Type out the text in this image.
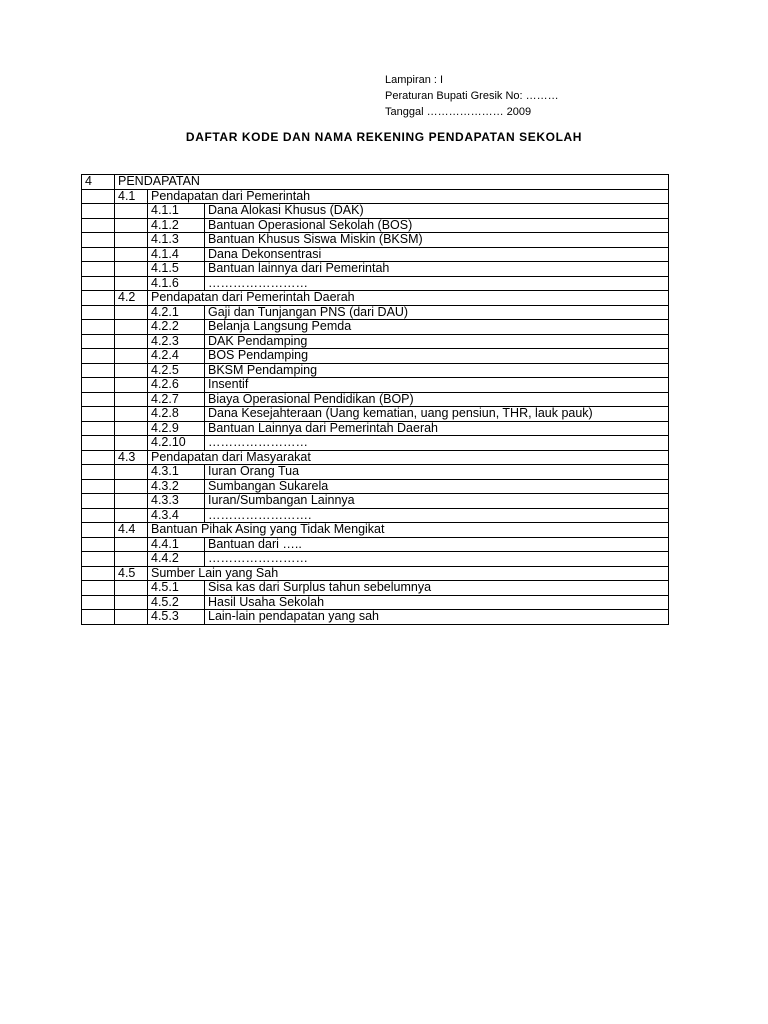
Lampiran : I
Peraturan Bupati Gresik No: ………
Tanggal ………………… 2009
DAFTAR KODE DAN NAMA REKENING PENDAPATAN SEKOLAH
4	PENDAPATAN		
	4.1	Pendapatan dari Pemerintah	
		4.1.1	Dana Alokasi Khusus (DAK)
		4.1.2	Bantuan Operasional Sekolah (BOS)
		4.1.3	Bantuan Khusus Siswa Miskin (BKSM)
		4.1.4	Dana Dekonsentrasi
		4.1.5	Bantuan lainnya dari Pemerintah
		4.1.6	……………………
	4.2	Pendapatan dari Pemerintah Daerah	
		4.2.1	Gaji dan Tunjangan PNS (dari DAU)
		4.2.2	Belanja Langsung Pemda
		4.2.3	DAK Pendamping
		4.2.4	BOS Pendamping
		4.2.5	BKSM Pendamping
		4.2.6	Insentif
		4.2.7	Biaya Operasional Pendidikan (BOP)
		4.2.8	Dana Kesejahteraan (Uang kematian, uang pensiun, THR, lauk pauk)
		4.2.9	Bantuan Lainnya dari Pemerintah Daerah
		4.2.10	……………………
	4.3	Pendapatan dari Masyarakat	
		4.3.1	Iuran Orang Tua
		4.3.2	Sumbangan Sukarela
		4.3.3	Iuran/Sumbangan Lainnya
		4.3.4	…………………….
	4.4	Bantuan Pihak Asing yang Tidak Mengikat	
		4.4.1	Bantuan dari …..
		4.4.2	……………………
	4.5	Sumber Lain yang Sah	
		4.5.1	Sisa kas dari Surplus tahun sebelumnya
		4.5.2	Hasil Usaha Sekolah
		4.5.3	Lain-lain pendapatan yang sah
